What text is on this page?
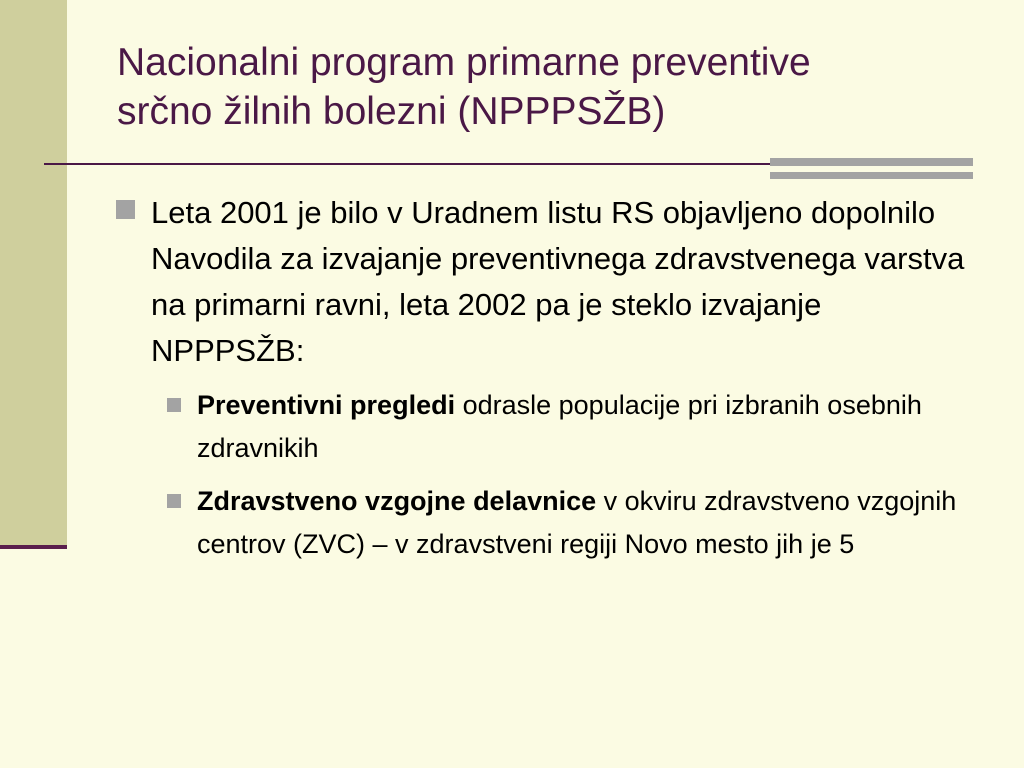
Nacionalni program primarne preventive
srčno žilnih bolezni (NPPPSŽB)
Leta 2001 je bilo v Uradnem listu RS objavljeno dopolnilo Navodila za izvajanje preventivnega zdravstvenega varstva na primarni ravni, leta 2002 pa je steklo izvajanje NPPPSŽB:
Preventivni pregledi odrasle populacije pri izbranih osebnih zdravnikih
Zdravstveno vzgojne delavnice v okviru zdravstveno vzgojnih centrov (ZVC) – v zdravstveni regiji Novo mesto jih je 5
